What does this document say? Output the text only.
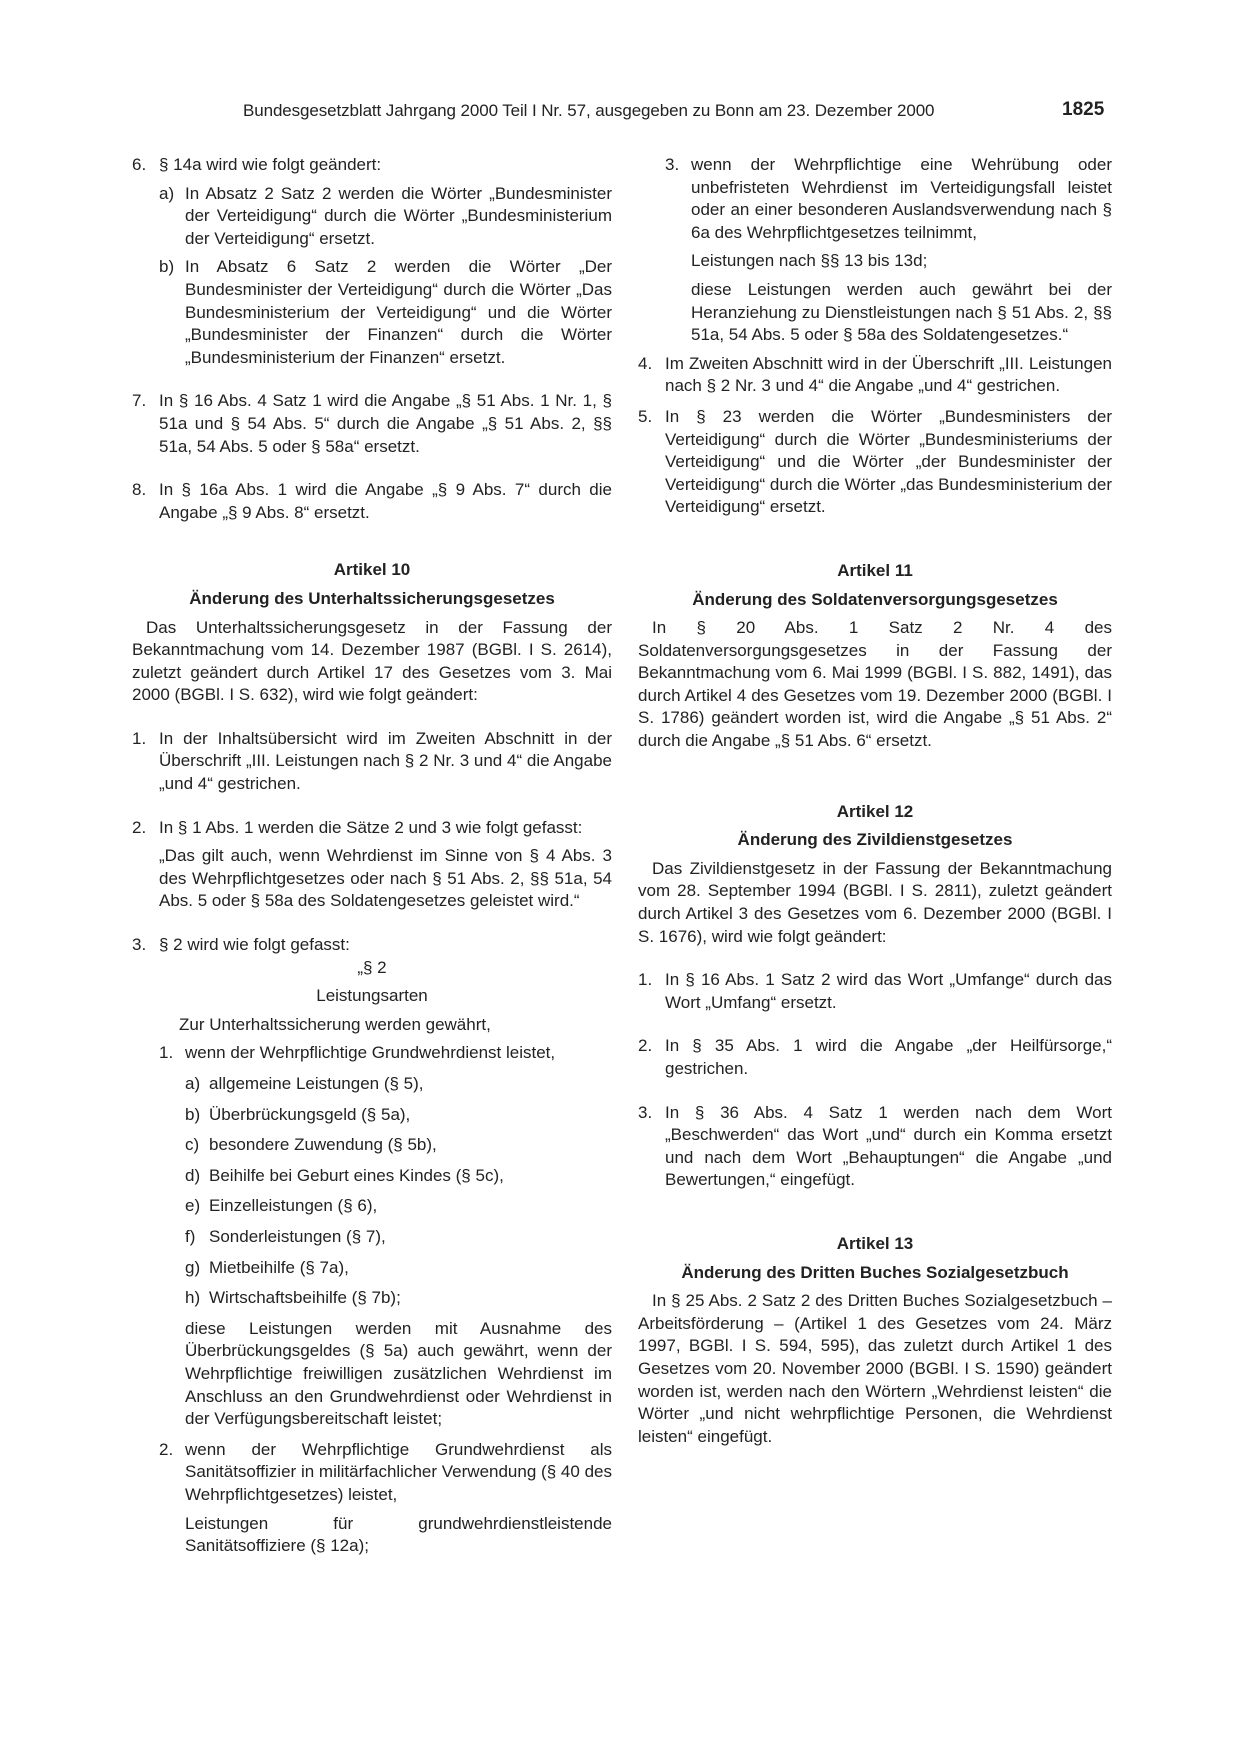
Bundesgesetzblatt Jahrgang 2000 Teil I Nr. 57, ausgegeben zu Bonn am 23. Dezember 2000	1825
6. § 14a wird wie folgt geändert:

a) In Absatz 2 Satz 2 werden die Wörter „Bundesminister der Verteidigung“ durch die Wörter „Bundesministerium der Verteidigung“ ersetzt.

b) In Absatz 6 Satz 2 werden die Wörter „Der Bundesminister der Verteidigung“ durch die Wörter „Das Bundesministerium der Verteidigung“ und die Wörter „Bundesminister der Finanzen“ durch die Wörter „Bundesministerium der Finanzen“ ersetzt.

7. In § 16 Abs. 4 Satz 1 wird die Angabe „§ 51 Abs. 1 Nr. 1, § 51a und § 54 Abs. 5“ durch die Angabe „§ 51 Abs. 2, §§ 51a, 54 Abs. 5 oder § 58a“ ersetzt.

8. In § 16a Abs. 1 wird die Angabe „§ 9 Abs. 7“ durch die Angabe „§ 9 Abs. 8“ ersetzt.

Artikel 10

Änderung des Unterhaltssicherungsgesetzes

Das Unterhaltssicherungsgesetz in der Fassung der Bekanntmachung vom 14. Dezember 1987 (BGBl. I S. 2614), zuletzt geändert durch Artikel 17 des Gesetzes vom 3. Mai 2000 (BGBl. I S. 632), wird wie folgt geändert:

1. In der Inhaltsübersicht wird im Zweiten Abschnitt in der Überschrift „III. Leistungen nach § 2 Nr. 3 und 4“ die Angabe „und 4“ gestrichen.

2. In § 1 Abs. 1 werden die Sätze 2 und 3 wie folgt gefasst:

„Das gilt auch, wenn Wehrdienst im Sinne von § 4 Abs. 3 des Wehrpflichtgesetzes oder nach § 51 Abs. 2, §§ 51a, 54 Abs. 5 oder § 58a des Soldatengesetzes geleistet wird.“

3. § 2 wird wie folgt gefasst:

„§ 2

Leistungsarten

Zur Unterhaltssicherung werden gewährt,

1. wenn der Wehrpflichtige Grundwehrdienst leistet,

a) allgemeine Leistungen (§ 5),

b) Überbrückungsgeld (§ 5a),

c) besondere Zuwendung (§ 5b),

d) Beihilfe bei Geburt eines Kindes (§ 5c),

e) Einzelleistungen (§ 6),

f) Sonderleistungen (§ 7),

g) Mietbeihilfe (§ 7a),

h) Wirtschaftsbeihilfe (§ 7b);

diese Leistungen werden mit Ausnahme des Überbrückungsgeldes (§ 5a) auch gewährt, wenn der Wehrpflichtige freiwilligen zusätzlichen Wehrdienst im Anschluss an den Grundwehrdienst oder Wehrdienst in der Verfügungsbereitschaft leistet;

2. wenn der Wehrpflichtige Grundwehrdienst als Sanitätsoffizier in militärfachlicher Verwendung (§ 40 des Wehrpflichtgesetzes) leistet,

Leistungen für grundwehrdienstleistende Sanitätsoffiziere (§ 12a);

3. wenn der Wehrpflichtige eine Wehrübung oder unbefristeten Wehrdienst im Verteidigungsfall leistet oder an einer besonderen Auslandsverwendung nach § 6a des Wehrpflichtgesetzes teilnimmt,

Leistungen nach §§ 13 bis 13d;

diese Leistungen werden auch gewährt bei der Heranziehung zu Dienstleistungen nach § 51 Abs. 2, §§ 51a, 54 Abs. 5 oder § 58a des Soldatengesetzes.“

4. Im Zweiten Abschnitt wird in der Überschrift „III. Leistungen nach § 2 Nr. 3 und 4“ die Angabe „und 4“ gestrichen.

5. In § 23 werden die Wörter „Bundesministers der Verteidigung“ durch die Wörter „Bundesministeriums der Verteidigung“ und die Wörter „der Bundesminister der Verteidigung“ durch die Wörter „das Bundesministerium der Verteidigung“ ersetzt.

Artikel 11

Änderung des Soldatenversorgungsgesetzes

In § 20 Abs. 1 Satz 2 Nr. 4 des Soldatenversorgungsgesetzes in der Fassung der Bekanntmachung vom 6. Mai 1999 (BGBl. I S. 882, 1491), das durch Artikel 4 des Gesetzes vom 19. Dezember 2000 (BGBl. I S. 1786) geändert worden ist, wird die Angabe „§ 51 Abs. 2“ durch die Angabe „§ 51 Abs. 6“ ersetzt.

Artikel 12

Änderung des Zivildienstgesetzes

Das Zivildienstgesetz in der Fassung der Bekanntmachung vom 28. September 1994 (BGBl. I S. 2811), zuletzt geändert durch Artikel 3 des Gesetzes vom 6. Dezember 2000 (BGBl. I S. 1676), wird wie folgt geändert:

1. In § 16 Abs. 1 Satz 2 wird das Wort „Umfange“ durch das Wort „Umfang“ ersetzt.

2. In § 35 Abs. 1 wird die Angabe „der Heilfürsorge,“ gestrichen.

3. In § 36 Abs. 4 Satz 1 werden nach dem Wort „Beschwerden“ das Wort „und“ durch ein Komma ersetzt und nach dem Wort „Behauptungen“ die Angabe „und Bewertungen,“ eingefügt.

Artikel 13

Änderung des Dritten Buches Sozialgesetzbuch

In § 25 Abs. 2 Satz 2 des Dritten Buches Sozialgesetzbuch – Arbeitsförderung – (Artikel 1 des Gesetzes vom 24. März 1997, BGBl. I S. 594, 595), das zuletzt durch Artikel 1 des Gesetzes vom 20. November 2000 (BGBl. I S. 1590) geändert worden ist, werden nach den Wörtern „Wehrdienst leisten“ die Wörter „und nicht wehrpflichtige Personen, die Wehrdienst leisten“ eingefügt.
